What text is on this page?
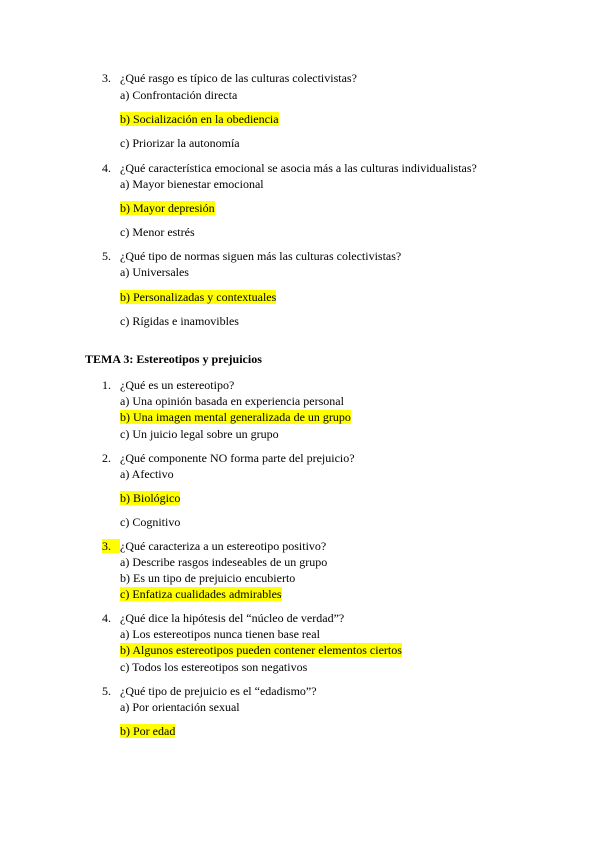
3. ¿Qué rasgo es típico de las culturas colectivistas?
a) Confrontación directa
b) Socialización en la obediencia
c) Priorizar la autonomía
4. ¿Qué característica emocional se asocia más a las culturas individualistas?
a) Mayor bienestar emocional
b) Mayor depresión
c) Menor estrés
5. ¿Qué tipo de normas siguen más las culturas colectivistas?
a) Universales
b) Personalizadas y contextuales
c) Rígidas e inamovibles
TEMA 3: Estereotipos y prejuicios
1. ¿Qué es un estereotipo?
a) Una opinión basada en experiencia personal
b) Una imagen mental generalizada de un grupo
c) Un juicio legal sobre un grupo
2. ¿Qué componente NO forma parte del prejuicio?
a) Afectivo
b) Biológico
c) Cognitivo
3. ¿Qué caracteriza a un estereotipo positivo?
a) Describe rasgos indeseables de un grupo
b) Es un tipo de prejuicio encubierto
c) Enfatiza cualidades admirables
4. ¿Qué dice la hipótesis del “núcleo de verdad”?
a) Los estereotipos nunca tienen base real
b) Algunos estereotipos pueden contener elementos ciertos
c) Todos los estereotipos son negativos
5. ¿Qué tipo de prejuicio es el “edadismo”?
a) Por orientación sexual
b) Por edad
